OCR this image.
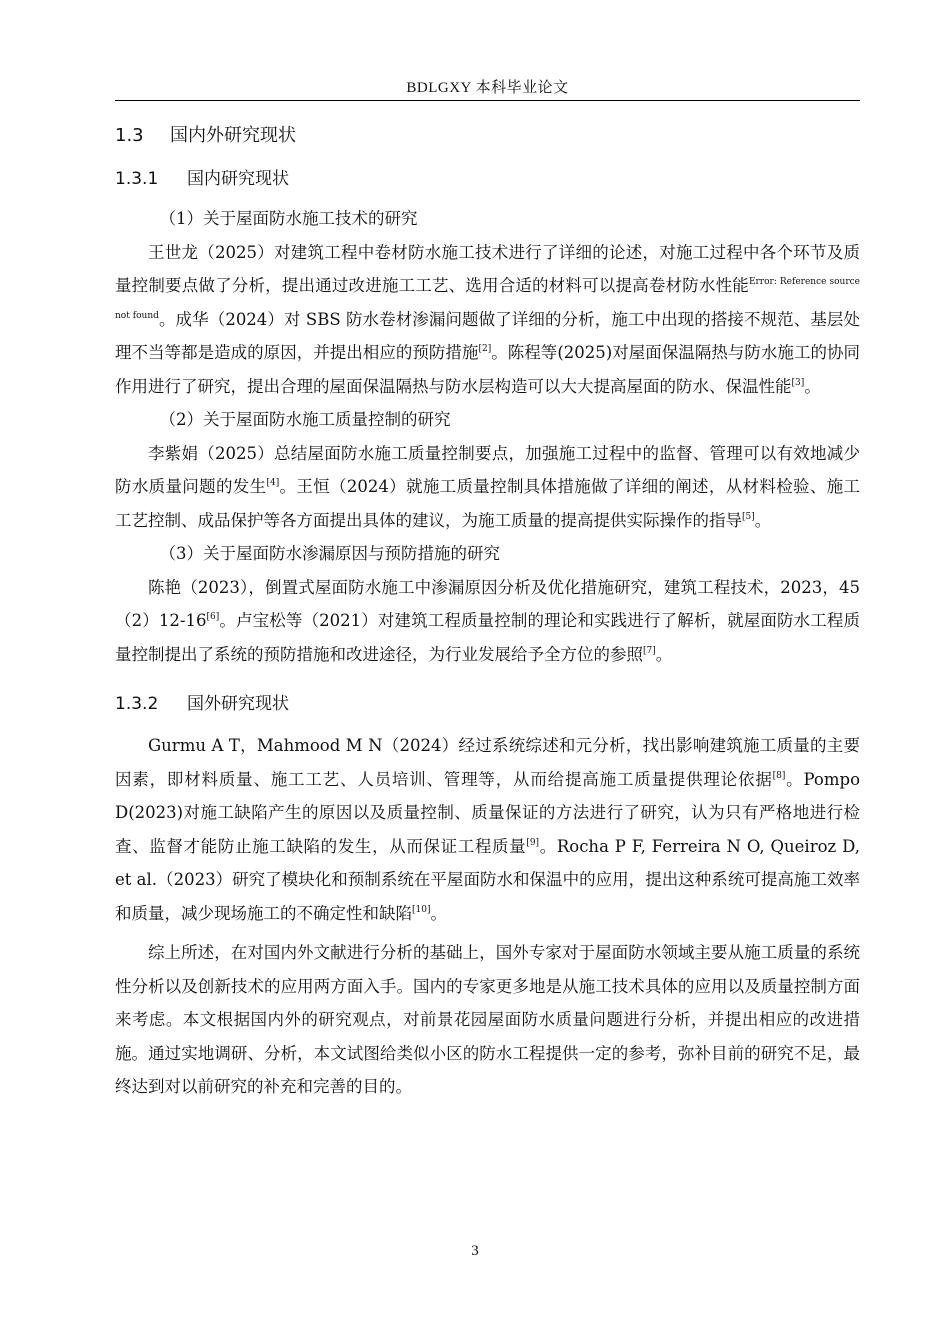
BDLGXY 本科毕业论文
1.3 国内外研究现状
1.3.1 国内研究现状

（1）关于屋面防水施工技术的研究

王世龙（2025）对建筑工程中卷材防水施工技术进行了详细的论述，对施工过程中各个环节及质量控制要点做了分析，提出通过改进施工工艺、选用合适的材料可以提高卷材防水性能$^{Error: Reference source not found}$。成华（2024）对 SBS 防水卷材渗漏问题做了详细的分析，施工中出现的搭接不规范、基层处理不当等都是造成的原因，并提出相应的预防措施[2]。陈程等(2025)对屋面保温隔热与防水施工的协同作用进行了研究，提出合理的屋面保温隔热与防水层构造可以大大提高屋面的防水、保温性能[3]。

（2）关于屋面防水施工质量控制的研究

李紫娟（2025）总结屋面防水施工质量控制要点，加强施工过程中的监督、管理可以有效地减少防水质量问题的发生[4]。王恒（2024）就施工质量控制具体措施做了详细的阐述，从材料检验、施工工艺控制、成品保护等各方面提出具体的建议，为施工质量的提高提供实际操作的指导[5]。

（3）关于屋面防水渗漏原因与预防措施的研究

陈艳（2023），倒置式屋面防水施工中渗漏原因分析及优化措施研究，建筑工程技术，2023，45（2）12-16[6]。卢宝松等（2021）对建筑工程质量控制的理论和实践进行了解析，就屋面防水工程质量控制提出了系统的预防措施和改进途径，为行业发展给予全方位的参照[7]。

1.3.2 国外研究现状

Gurmu A T，Mahmood M N（2024）经过系统综述和元分析，找出影响建筑施工质量的主要因素，即材料质量、施工工艺、人员培训、管理等，从而给提高施工质量提供理论依据[8]。Pompo D(2023)对施工缺陷产生的原因以及质量控制、质量保证的方法进行了研究，认为只有严格地进行检查、监督才能防止施工缺陷的发生，从而保证工程质量[9]。Rocha P F, Ferreira N O, Queiroz D, et al.（2023）研究了模块化和预制系统在平屋面防水和保温中的应用，提出这种系统可提高施工效率和质量，减少现场施工的不确定性和缺陷[10]。

综上所述，在对国内外文献进行分析的基础上，国外专家对于屋面防水领域主要从施工质量的系统性分析以及创新技术的应用两方面入手。国内的专家更多地是从施工技术具体的应用以及质量控制方面来考虑。本文根据国内外的研究观点，对前景花园屋面防水质量问题进行分析，并提出相应的改进措施。通过实地调研、分析，本文试图给类似小区的防水工程提供一定的参考，弥补目前的研究不足，最终达到对以前研究的补充和完善的目的。

3
